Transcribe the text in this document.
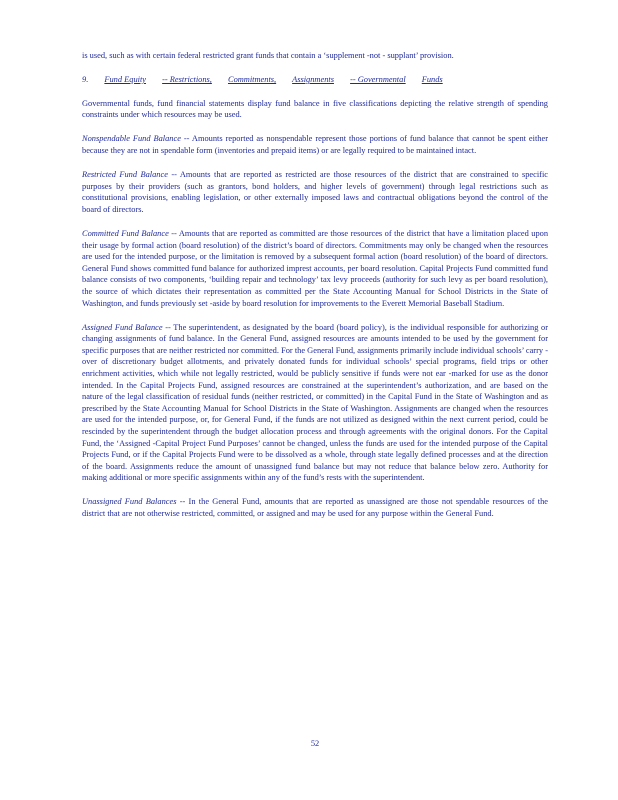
is used, such as with certain federal restricted grant funds that contain a ‘supplement -not - supplant’ provision.

9. Fund Equity -- Restrictions, Commitments, Assignments -- Governmental Funds

Governmental funds, fund financial statements display fund balance in five classifications depicting the relative strength of spending constraints under which resources may be used.

Nonspendable Fund Balance -- Amounts reported as nonspendable represent those portions of fund balance that cannot be spent either because they are not in spendable form (inventories and prepaid items) or are legally required to be maintained intact.

Restricted Fund Balance -- Amounts that are reported as restricted are those resources of the district that are constrained to specific purposes by their providers (such as grantors, bond holders, and higher levels of government) through legal restrictions such as constitutional provisions, enabling legislation, or other externally imposed laws and contractual obligations beyond the control of the board of directors.

Committed Fund Balance -- Amounts that are reported as committed are those resources of the district that have a limitation placed upon their usage by formal action (board resolution) of the district’s board of directors. Commitments may only be changed when the resources are used for the intended purpose, or the limitation is removed by a subsequent formal action (board resolution) of the board of directors. General Fund shows committed fund balance for authorized imprest accounts, per board resolution. Capital Projects Fund committed fund balance consists of two components, ‘building repair and technology’ tax levy proceeds (authority for such levy as per board resolution), the source of which dictates their representation as committed per the State Accounting Manual for School Districts in the State of Washington, and funds previously set -aside by board resolution for improvements to the Everett Memorial Baseball Stadium.

Assigned Fund Balance -- The superintendent, as designated by the board (board policy), is the individual responsible for authorizing or changing assignments of fund balance. In the General Fund, assigned resources are amounts intended to be used by the government for specific purposes that are neither restricted nor committed. For the General Fund, assignments primarily include individual schools’ carry -over of discretionary budget allotments, and privately donated funds for individual schools’ special programs, field trips or other enrichment activities, which while not legally restricted, would be publicly sensitive if funds were not ear -marked for use as the donor intended. In the Capital Projects Fund, assigned resources are constrained at the superintendent’s authorization, and are based on the nature of the legal classification of residual funds (neither restricted, or committed) in the Capital Fund in the State of Washington and as prescribed by the State Accounting Manual for School Districts in the State of Washington. Assignments are changed when the resources are used for the intended purpose, or, for General Fund, if the funds are not utilized as designed within the next current period, could be rescinded by the superintendent through the budget allocation process and through agreements with the original donors. For the Capital Fund, the ‘Assigned -Capital Project Fund Purposes’ cannot be changed, unless the funds are used for the intended purpose of the Capital Projects Fund, or if the Capital Projects Fund were to be dissolved as a whole, through state legally defined processes and at the direction of the board. Assignments reduce the amount of unassigned fund balance but may not reduce that balance below zero. Authority for making additional or more specific assignments within any of the fund’s rests with the superintendent.

Unassigned Fund Balances -- In the General Fund, amounts that are reported as unassigned are those not spendable resources of the district that are not otherwise restricted, committed, or assigned and may be used for any purpose within the General Fund.

52
